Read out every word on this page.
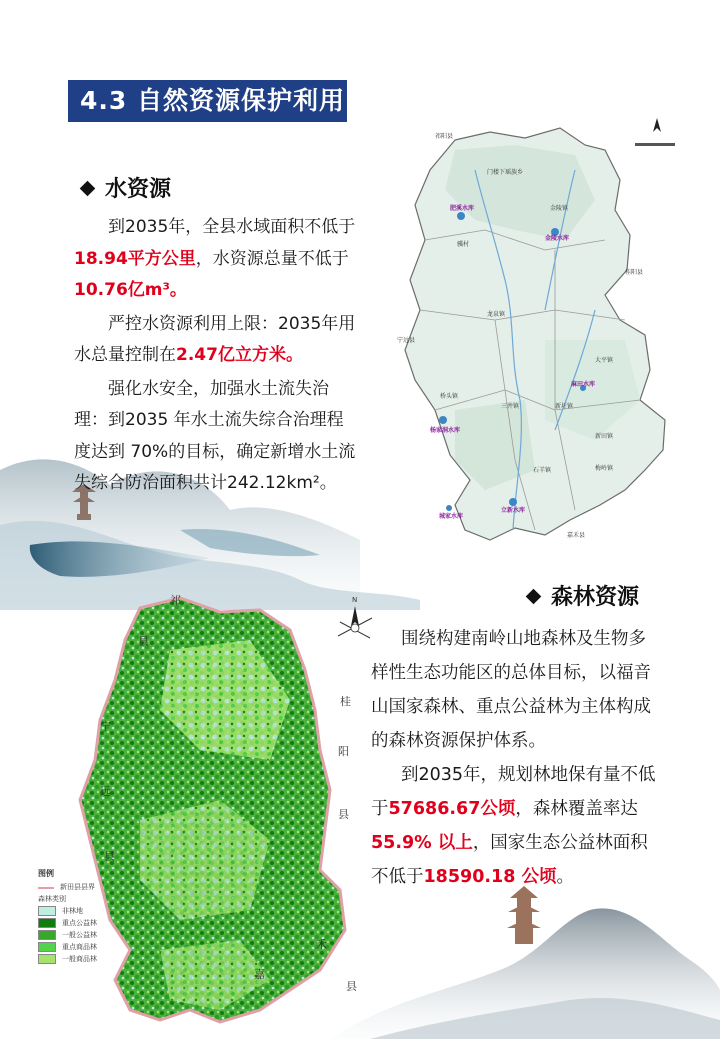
4.3 自然资源保护利用
水资源

到2035年，全县水域面积不低于18.94平方公里，水资源总量不低于10.76亿m³。

严控水资源利用上限：2035年用水总量控制在2.47亿立方米。

强化水安全，加强水土流失治理：到2035 年水土流失综合治理程度达到 70%的目标，确定新增水土流失综合防治面积共计242.12km²。

祁阳县
桂阳县
宁远县
嘉禾县
门楼下瑶族乡
龙泉镇
大平镇
三井镇
石羊镇
新圩镇
梅岭镇
桥头镇
金陵镇
新田镇
骥村
肥溪水库
金陵水库
杨家洞水库
麻田水库
立新水库
城家水库
森林资源
N

围绕构建南岭山地森林及生物多样性生态功能区的总体目标，以福音山国家森林、重点公益林为主体构成的森林资源保护体系。

到2035年，规划林地保有量不低于57686.67公顷，森林覆盖率达55.9% 以上，国家生态公益林面积不低于18590.18 公顷。

祁
县
宁
远
县
桂
阳
县
嘉
禾
县
图例
新田县县界
森林类别
非林地
重点公益林
一般公益林
重点商品林
一般商品林
